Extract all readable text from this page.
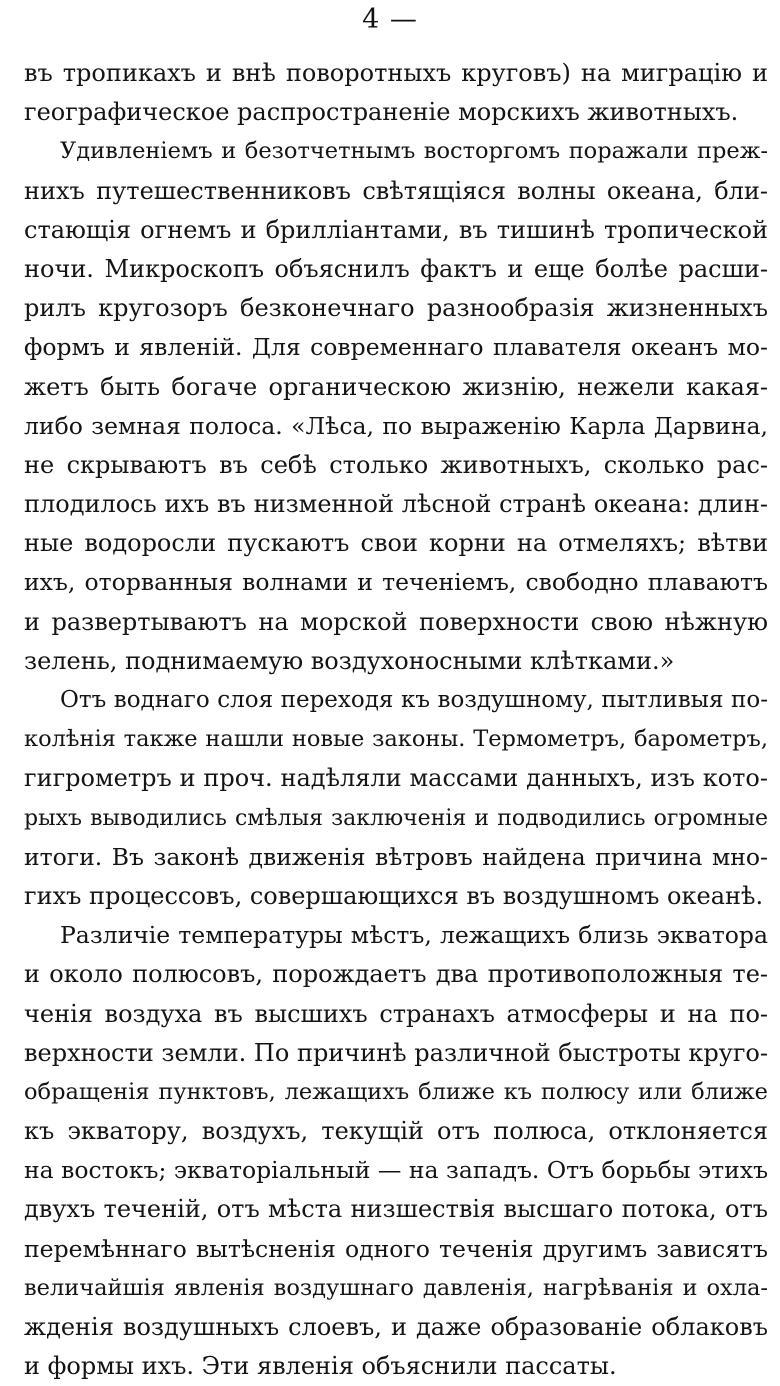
4 —
въ тропикахъ и внѣ поворотныхъ круговъ) на миграцію и
географическое распространеніе морскихъ животныхъ.
Удивленіемъ и безотчетнымъ восторгомъ поражали преж-
нихъ путешественниковъ свѣтящіяся волны океана, бли-
стающія огнемъ и брилліантами, въ тишинѣ тропической
ночи. Микроскопъ объяснилъ фактъ и еще болѣе расши-
рилъ кругозоръ безконечнаго разнообразія жизненныхъ
формъ и явленій. Для современнаго плавателя океанъ мо-
жетъ быть богаче органическою жизнію, нежели какая-
либо земная полоса. «Лѣса, по выраженію Карла Дарвина,
не скрываютъ въ себѣ столько животныхъ, сколько рас-
плодилось ихъ въ низменной лѣсной странѣ океана: длин-
ные водоросли пускаютъ свои корни на отмеляхъ; вѣтви
ихъ, оторванныя волнами и теченіемъ, свободно плаваютъ
и развертываютъ на морской поверхности свою нѣжную
зелень, поднимаемую воздухоносными клѣтками.»
Отъ воднаго слоя переходя къ воздушному, пытливыя по-
колѣнія также нашли новые законы. Термометръ, барометръ,
гигрометръ и проч. надѣляли массами данныхъ, изъ кото-
рыхъ выводились смѣлыя заключенія и подводились огромные
итоги. Въ законѣ движенія вѣтровъ найдена причина мно-
гихъ процессовъ, совершающихся въ воздушномъ океанѣ.
Различіе температуры мѣстъ, лежащихъ близь экватора
и около полюсовъ, порождаетъ два противоположныя те-
ченія воздуха въ высшихъ странахъ атмосферы и на по-
верхности земли. По причинѣ различной быстроты круго-
обращенія пунктовъ, лежащихъ ближе къ полюсу или ближе
къ экватору, воздухъ, текущій отъ полюса, отклоняется
на востокъ; экваторіальный — на западъ. Отъ борьбы этихъ
двухъ теченій, отъ мѣста низшествія высшаго потока, отъ
перемѣннаго вытѣсненія одного теченія другимъ зависятъ
величайшія явленія воздушнаго давленія, нагрѣванія и охла-
жденія воздушныхъ слоевъ, и даже образованіе облаковъ
и формы ихъ. Эти явленія объяснили пассаты.
